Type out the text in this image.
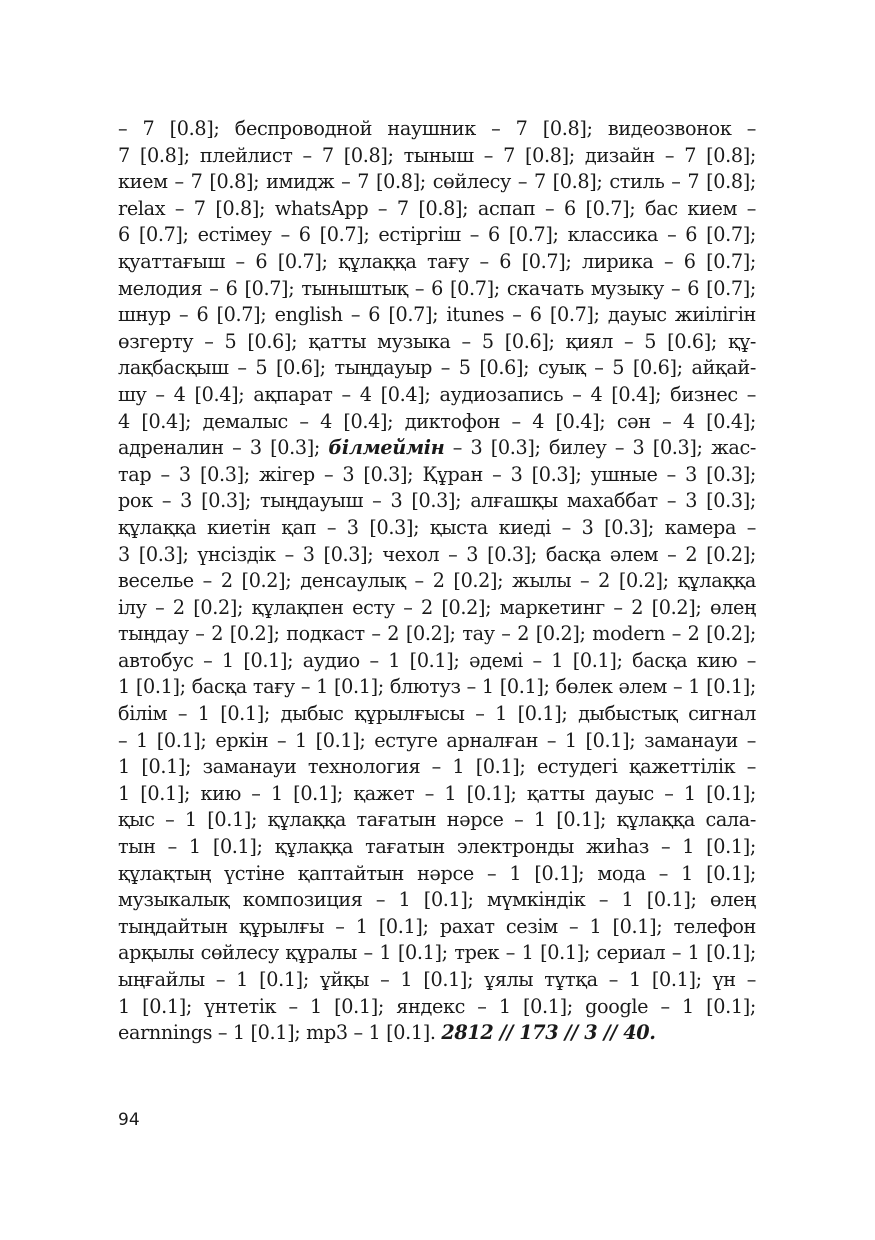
– 7 [0.8]; беспроводной наушник – 7 [0.8]; видеозвонок –
7 [0.8]; плейлист – 7 [0.8]; тыныш – 7 [0.8]; дизайн – 7 [0.8];
кием – 7 [0.8]; имидж – 7 [0.8]; сөйлесу – 7 [0.8]; стиль – 7 [0.8];
relax – 7 [0.8]; whatsApp – 7 [0.8]; аспап – 6 [0.7]; бас кием –
6 [0.7]; естімеу – 6 [0.7]; естіргіш – 6 [0.7]; классика – 6 [0.7];
қуаттағыш – 6 [0.7]; құлаққа тағу – 6 [0.7]; лирика – 6 [0.7];
мелодия – 6 [0.7]; тыныштық – 6 [0.7]; скачать музыку – 6 [0.7];
шнур – 6 [0.7]; english – 6 [0.7]; itunes – 6 [0.7]; дауыс жиілігін
өзгерту – 5 [0.6]; қатты музыка – 5 [0.6]; қиял – 5 [0.6]; құ-
лақбасқыш – 5 [0.6]; тыңдауыр – 5 [0.6]; суық – 5 [0.6]; айқай-
шу – 4 [0.4]; ақпарат – 4 [0.4]; аудиозапись – 4 [0.4]; бизнес –
4 [0.4]; демалыс – 4 [0.4]; диктофон – 4 [0.4]; сән – 4 [0.4];
адреналин – 3 [0.3]; білмеймін – 3 [0.3]; билеу – 3 [0.3]; жас-
тар – 3 [0.3]; жігер – 3 [0.3]; Құран – 3 [0.3]; ушные – 3 [0.3];
рок – 3 [0.3]; тыңдауыш – 3 [0.3]; алғашқы махаббат – 3 [0.3];
құлаққа киетін қап – 3 [0.3]; қыста киеді – 3 [0.3]; камера –
3 [0.3]; үнсіздік – 3 [0.3]; чехол – 3 [0.3]; басқа әлем – 2 [0.2];
веселье – 2 [0.2]; денсаулық – 2 [0.2]; жылы – 2 [0.2]; құлаққа
ілу – 2 [0.2]; құлақпен есту – 2 [0.2]; маркетинг – 2 [0.2]; өлең
тыңдау – 2 [0.2]; подкаст – 2 [0.2]; тау – 2 [0.2]; modern – 2 [0.2];
автобус – 1 [0.1]; аудио – 1 [0.1]; әдемі – 1 [0.1]; басқа кию –
1 [0.1]; басқа тағу – 1 [0.1]; блютуз – 1 [0.1]; бөлек әлем – 1 [0.1];
білім – 1 [0.1]; дыбыс құрылғысы – 1 [0.1]; дыбыстық сигнал
– 1 [0.1]; еркін – 1 [0.1]; естуге арналған – 1 [0.1]; заманауи –
1 [0.1]; заманауи технология – 1 [0.1]; естудегі қажеттілік –
1 [0.1]; кию – 1 [0.1]; қажет – 1 [0.1]; қатты дауыс – 1 [0.1];
қыс – 1 [0.1]; құлаққа тағатын нәрсе – 1 [0.1]; құлаққа сала-
тын – 1 [0.1]; құлаққа тағатын электронды жиһаз – 1 [0.1];
құлақтың үстіне қаптайтын нәрсе – 1 [0.1]; мода – 1 [0.1];
музыкалық композиция – 1 [0.1]; мүмкіндік – 1 [0.1]; өлең
тыңдайтын құрылғы – 1 [0.1]; рахат сезім – 1 [0.1]; телефон
арқылы сөйлесу құралы – 1 [0.1]; трек – 1 [0.1]; сериал – 1 [0.1];
ыңғайлы – 1 [0.1]; ұйқы – 1 [0.1]; ұялы тұтқа – 1 [0.1]; үн –
1 [0.1]; үнтетік – 1 [0.1]; яндекс – 1 [0.1]; google – 1 [0.1];
earnnings – 1 [0.1]; mp3 – 1 [0.1]. 2812 // 173 // 3 // 40.
94
